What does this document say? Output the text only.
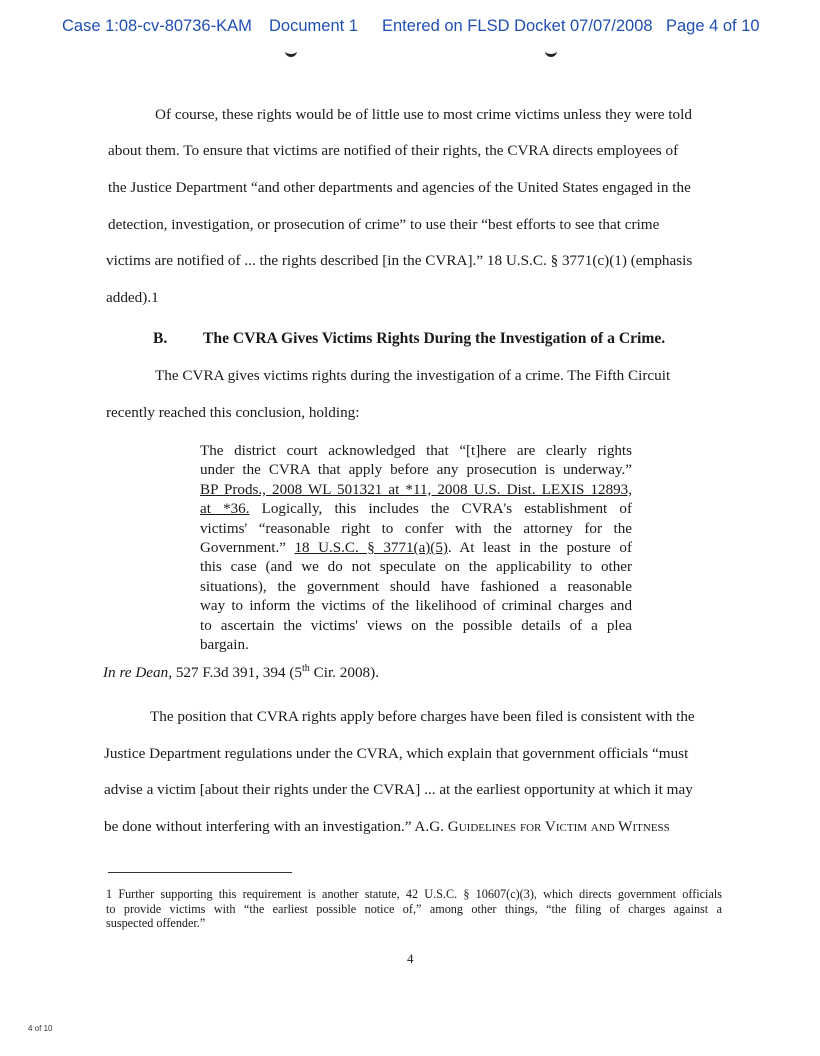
Case 1:08-cv-80736-KAM Document 1 Entered on FLSD Docket 07/07/2008 Page 4 of 10
Of course, these rights would be of little use to most crime victims unless they were told
about them. To ensure that victims are notified of their rights, the CVRA directs employees of
the Justice Department “and other departments and agencies of the United States engaged in the
detection, investigation, or prosecution of crime” to use their “best efforts to see that crime
victims are notified of ... the rights described [in the CVRA].” 18 U.S.C. § 3771(c)(1) (emphasis
added).1
B. The CVRA Gives Victims Rights During the Investigation of a Crime.
The CVRA gives victims rights during the investigation of a crime. The Fifth Circuit
recently reached this conclusion, holding:
The district court acknowledged that “[t]here are clearly rights
under the CVRA that apply before any prosecution is underway.”
BP Prods., 2008 WL 501321 at *11, 2008 U.S. Dist. LEXIS 12893,
at *36. Logically, this includes the CVRA's establishment of
victims' “reasonable right to confer with the attorney for the
Government.” 18 U.S.C. § 3771(a)(5). At least in the posture of
this case (and we do not speculate on the applicability to other
situations), the government should have fashioned a reasonable
way to inform the victims of the likelihood of criminal charges and
to ascertain the victims' views on the possible details of a plea
bargain.
In re Dean, 527 F.3d 391, 394 (5th Cir. 2008).
The position that CVRA rights apply before charges have been filed is consistent with the
Justice Department regulations under the CVRA, which explain that government officials “must
advise a victim [about their rights under the CVRA] ... at the earliest opportunity at which it may
be done without interfering with an investigation.” A.G. Guidelines for Victim and Witness
1 Further supporting this requirement is another statute, 42 U.S.C. § 10607(c)(3), which directs government officials
to provide victims with “the earliest possible notice of,” among other things, “the filing of charges against a
suspected offender.”
4
4 of 10
